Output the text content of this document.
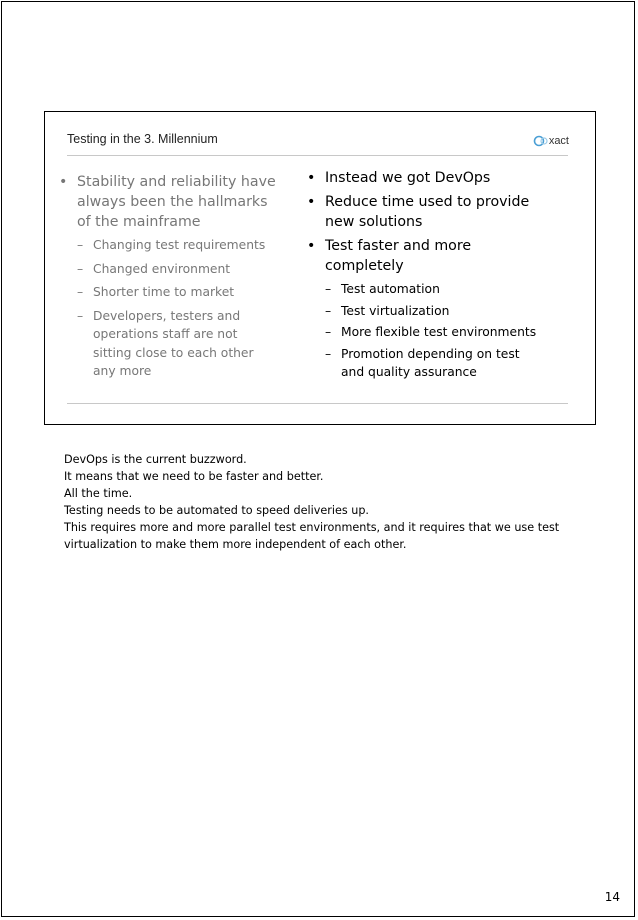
Testing in the 3. Millennium	xact
• Stability and reliability have
always been the hallmarks
of the mainframe
– Changing test requirements
– Changed environment
– Shorter time to market
– Developers, testers and
operations staff are not
sitting close to each other
any more
• Instead we got DevOps
• Reduce time used to provide
new solutions
• Test faster and more
completely
– Test automation
– Test virtualization
– More flexible test environments
– Promotion depending on test
and quality assurance
DevOps is the current buzzword.
It means that we need to be faster and better.
All the time.
Testing needs to be automated to speed deliveries up.
This requires more and more parallel test environments, and it requires that we use test
virtualization to make them more independent of each other.
14
